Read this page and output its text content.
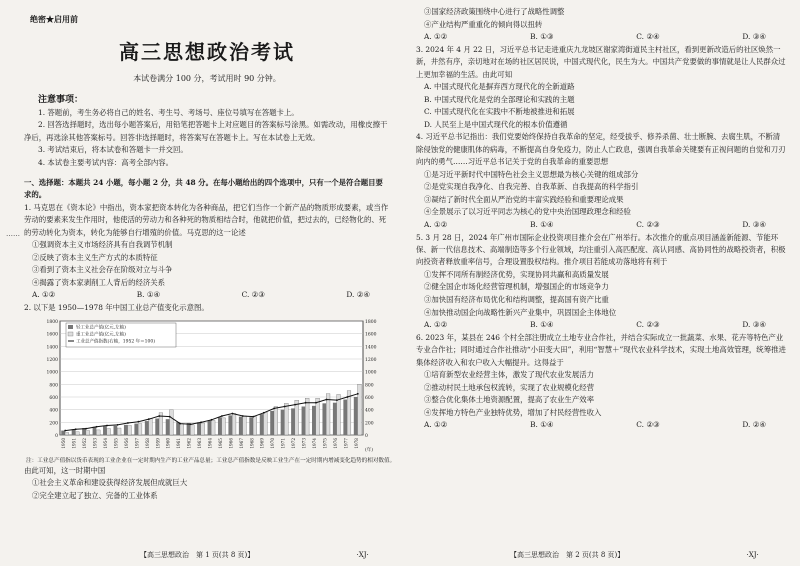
绝密★启用前
高三思想政治考试
本试卷满分 100 分，考试用时 90 分钟。
注意事项：
1. 答题前，考生务必将自己的姓名、考生号、考场号、座位号填写在答题卡上。
2. 回答选择题时，选出每小题答案后，用铅笔把答题卡上对应题目的答案标号涂黑。如需改动，用橡皮擦干净后，再选涂其他答案标号。回答非选择题时，将答案写在答题卡上。写在本试卷上无效。
3. 考试结束后，将本试卷和答题卡一并交回。
4. 本试卷主要考试内容：高考全部内容。
一、选择题：本题共 24 小题，每小题 2 分，共 48 分。在每小题给出的四个选项中，只有一个是符合题目要求的。
1. 马克思在《资本论》中指出，资本家把资本转化为各种商品，把它们当作一个新产品的物质形成要素，或当作劳动的要素来发生作用时，他使活的劳动力和各种死的物质相结合时，他就把价值，把过去的，已经物化的、死的劳动转化为资本，转化为能够自行增殖的价值。马克思的这一论述
①强调资本主义市场经济具有自我调节机制
②反映了资本主义生产方式的本质特征
③看到了资本主义社会存在阶级对立与斗争
④揭露了资本家剥削工人背后的经济关系
A. ①②	B. ①④	C. ②③	D. ②④
2. 以下是 1950—1978 年中国工业总产值变化示意图。
0	0
200	200
400	400
600	600
800	800
1000	1000
1200	1200
1400	1400
1600	1600
1800	1800
1950 1951 1952 1953 1954 1955 1956 1957 1958 1959 1960 1961 1962 1963 1964 1965 1966 1967 1968 1969 1970 1971 1972 1973 1974 1975 1976 1977 1978
(年)
轻工业总产值(亿元,左轴)
重工业总产值(亿元,左轴)
工业总产值指数(右轴，1952 年＝100)
注：工业总产值指以货币表现的工业企业在一定时期内生产的工业产品总量；工业总产值指数是反映工业生产在一定时期内增减变化趋势的相对数值。
由此可知，这一时期中国
①社会主义革命和建设获得经济发展但成就巨大
②完全建立起了独立、完备的工业体系
【高三思想政治　第 1 页(共 8 页)】	·XJ·
……
③国家经济政策围绕中心进行了战略性调整
④产业结构严重重化的倾向得以扭转
A. ①②	B. ①③	C. ②④	D. ③④
3. 2024 年 4 月 22 日，习近平总书记走进重庆九龙坡区谢家湾街道民主村社区，看到更新改造后的社区焕然一新，井然有序，亲切地对在场的社区居民说，中国式现代化，民生为大。中国共产党要做的事情就是让人民群众过上更加幸福的生活。由此可知
A. 中国式现代化是摒弃西方现代化的全新道路
B. 中国式现代化是党的全部理论和实践的主题
C. 中国式现代化在实践中不断地被推进和拓展
D. 人民至上是中国式现代化的根本价值遵循
4. 习近平总书记指出：我们党要始终保持自我革命的坚定，经受拔乎、修养杀菌、壮士断腕、去腐生肌，不断清除侵蚀党的健康肌体的病毒，不断提高自身免疫力，防止人亡政息，强调自我革命关键要有正视问题的自觉和刀刃向内的勇气……习近平总书记关于党的自我革命的重要思想
①是习近平新时代中国特色社会主义思想最为核心关键的组成部分
②是党实现自我净化、自我完善、自我革新、自我提高的科学指引
③凝结了新时代全面从严治党的丰富实践经验和重要理论成果
④全景展示了以习近平同志为核心的党中央治国理政理念和经验
A. ①②	B. ①④	C. ②③	D. ③④
5. 3 月 28 日，2024 年广州市国际企业投资项目推介会在广州举行。本次推介的重点项目涵盖新能源、节能环保、新一代信息技术、高端制造等多个行业领域，均注重引入高匹配度、高认同感、高协同性的战略投资者，积极向投资者释放重率信号，合理设置股权结构。推介项目若能成功落地将有利于
①发挥不同所有制经济优势，实现协同共赢和高质量发展
②健全国企市场化经营管理机制，增强国企的市场竞争力
③加快国有经济布局优化和结构调整，提高国有资产比重
④加快推动国企向战略性新兴产业集中，巩固国企主体地位
A. ①②	B. ①④	C. ②③	D. ③④
6. 2023 年，某县在 246 个村全部注册成立土地专业合作社，并结合实际成立一批蔬菜、水果、花卉等特色产业专业合作社；同时通过合作社推动“小田变大田”，利用“智慧＋”现代农业科学技术，实现土地高效管理，统筹推进集体经济收入和农户收入大幅提升。这得益于
①培育新型农业经营主体，激发了现代农业发展活力
②推动村民土地承包权流转，实现了农业规模化经营
③整合优化集体土地资源配置，提高了农业生产效率
④发挥地方特色产业独特优势，增加了村民经营性收入
A. ①②	B. ①④	C. ②③	D. ②④
【高三思想政治　第 2 页(共 8 页)】	·XJ·
